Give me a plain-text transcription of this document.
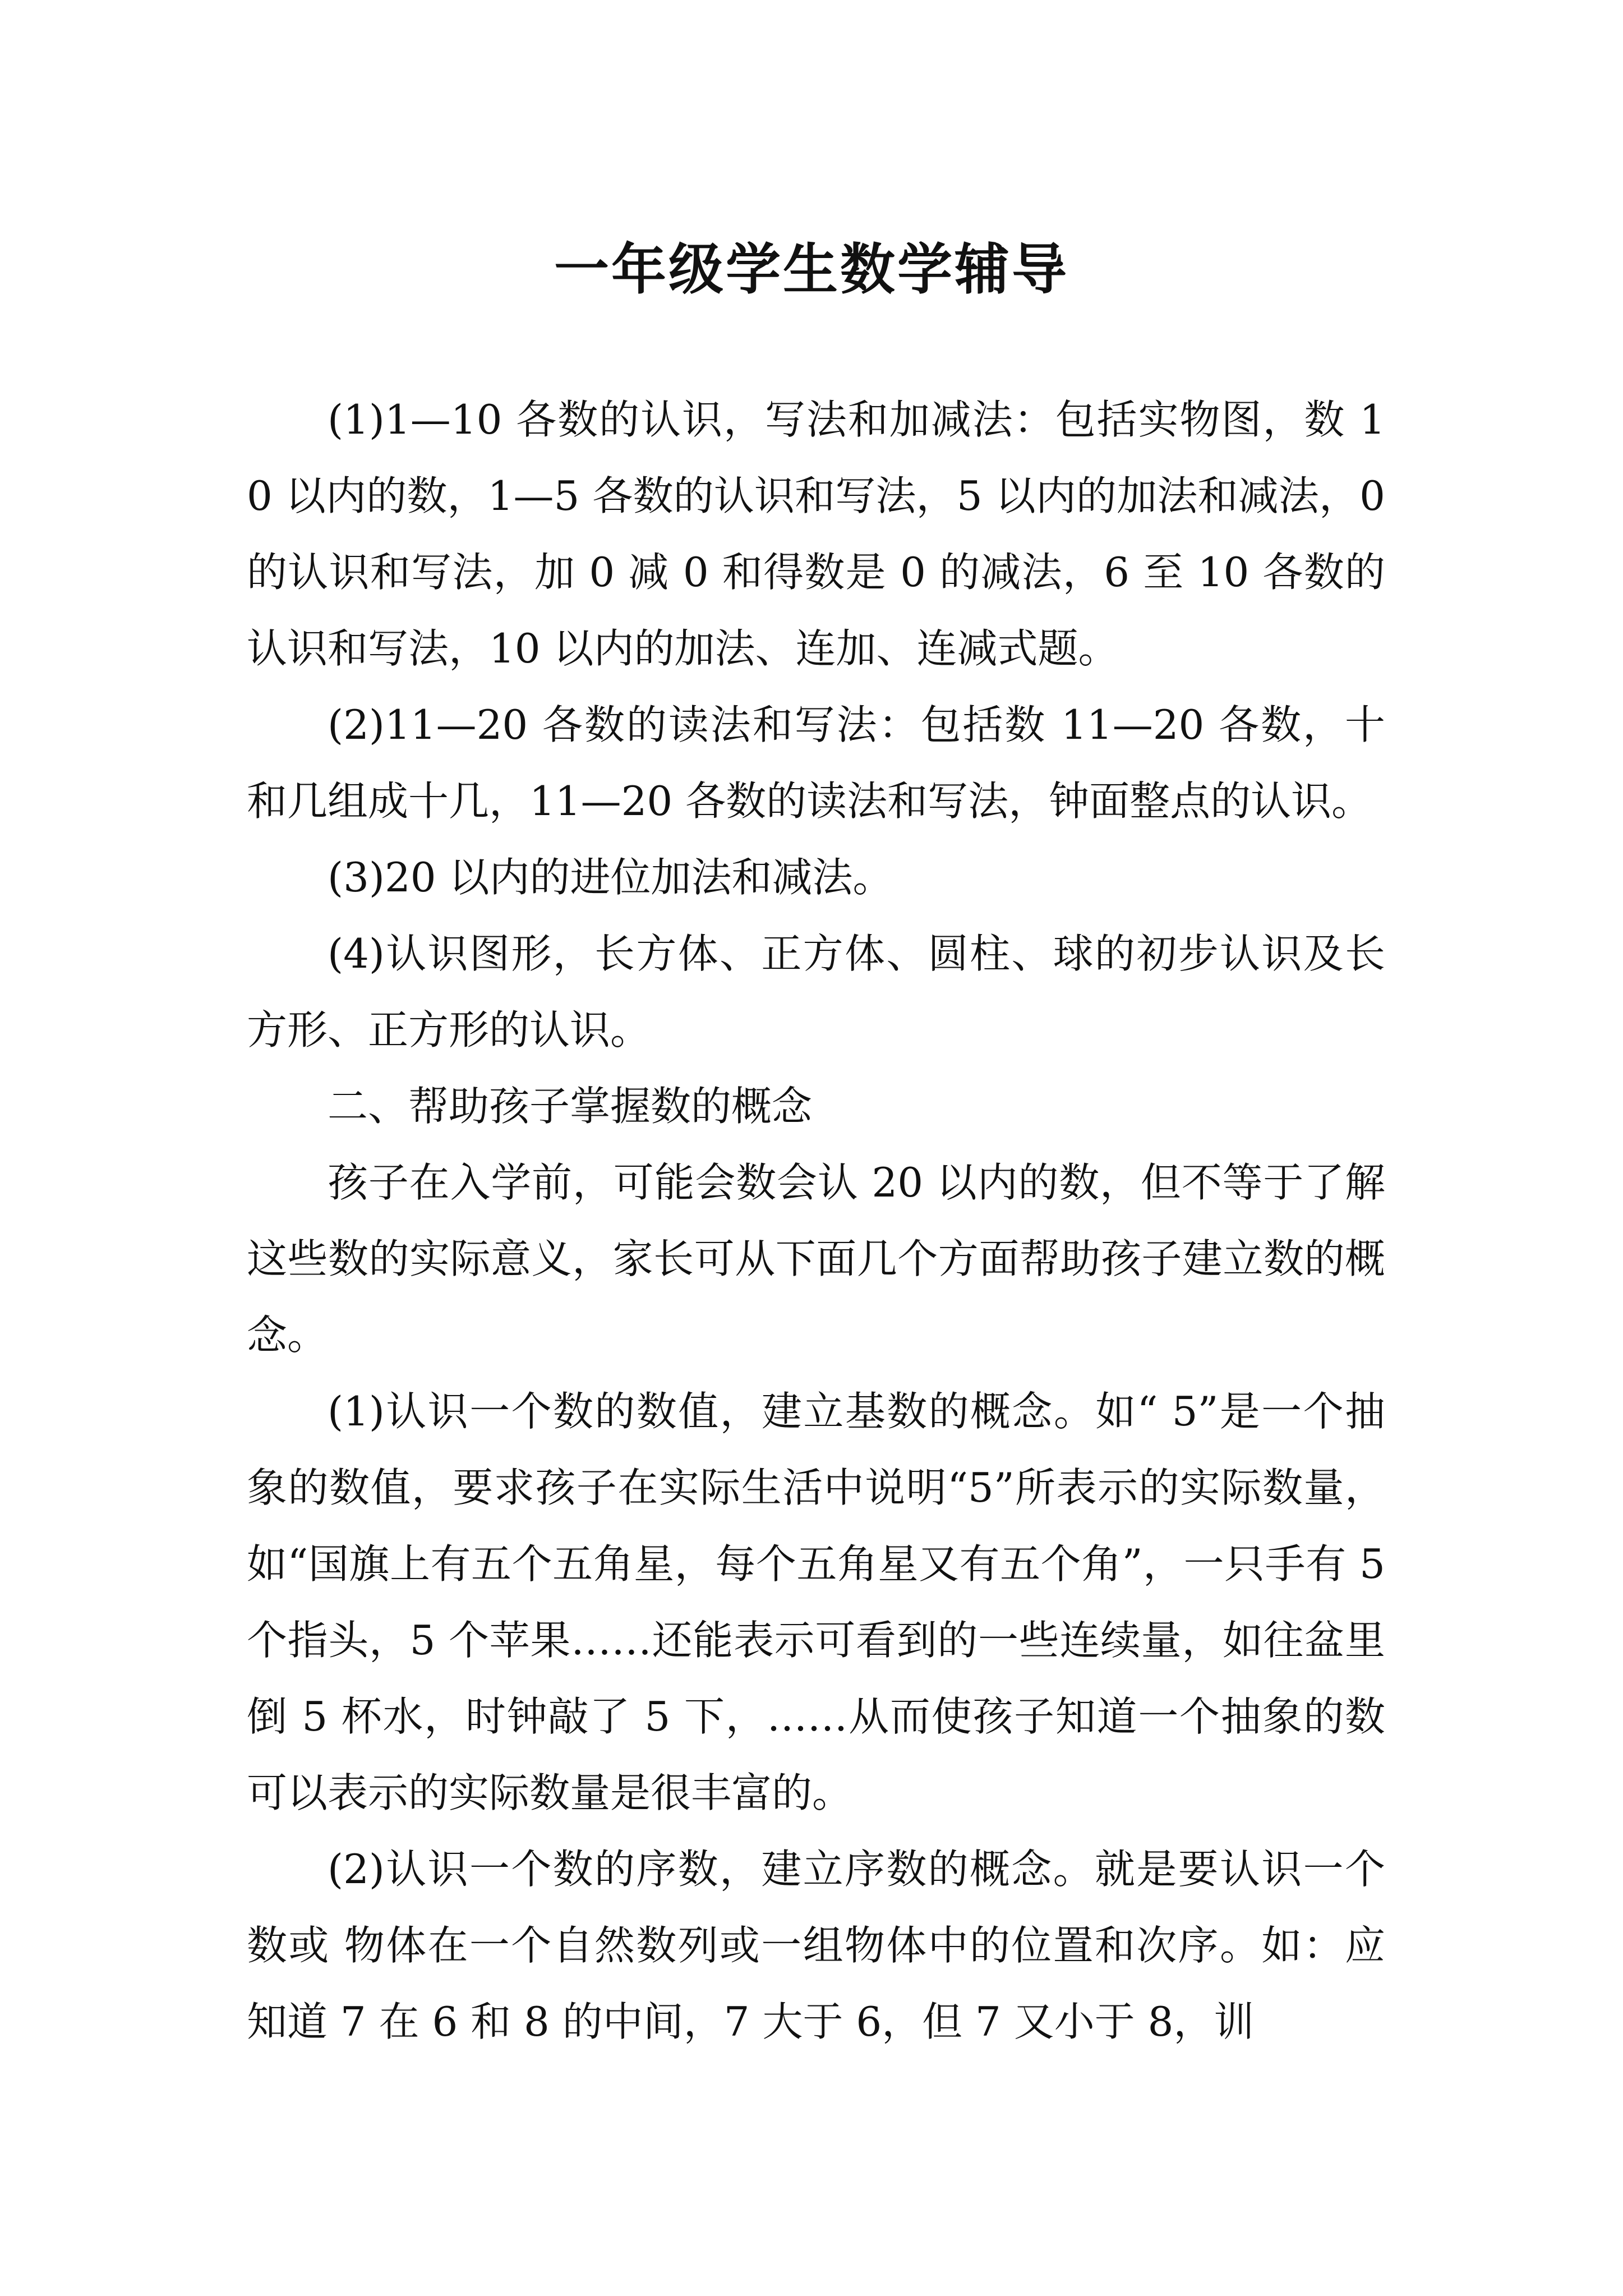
一年级学生数学辅导

(1)1—10 各数的认识，写法和加减法：包括实物图，数 10 以内的数，1—5 各数的认识和写法，5 以内的加法和减法，0 的认识和写法，加 0 减 0 和得数是 0 的减法，6 至 10 各数的认识和写法，10 以内的加法、连加、连减式题。

(2)11—20 各数的读法和写法：包括数 11—20 各数，十和几组成十几，11—20 各数的读法和写法，钟面整点的认识。

(3)20 以内的进位加法和减法。

(4)认识图形，长方体、正方体、圆柱、球的初步认识及长方形、正方形的认识。

二、帮助孩子掌握数的概念

孩子在入学前，可能会数会认 20 以内的数，但不等于了解这些数的实际意义，家长可从下面几个方面帮助孩子建立数的概念。

(1)认识一个数的数值，建立基数的概念。如“ 5”是一个抽象的数值，要求孩子在实际生活中说明“5”所表示的实际数量，如“国旗上有五个五角星，每个五角星又有五个角”，一只手有 5 个指头，5 个苹果……还能表示可看到的一些连续量，如往盆里倒 5 杯水，时钟敲了 5 下，……从而使孩子知道一个抽象的数可以表示的实际数量是很丰富的。

(2)认识一个数的序数，建立序数的概念。就是要认识一个数或 物体在一个自然数列或一组物体中的位置和次序。如：应知道 7 在 6 和 8 的中间，7 大于 6，但 7 又小于 8，训
